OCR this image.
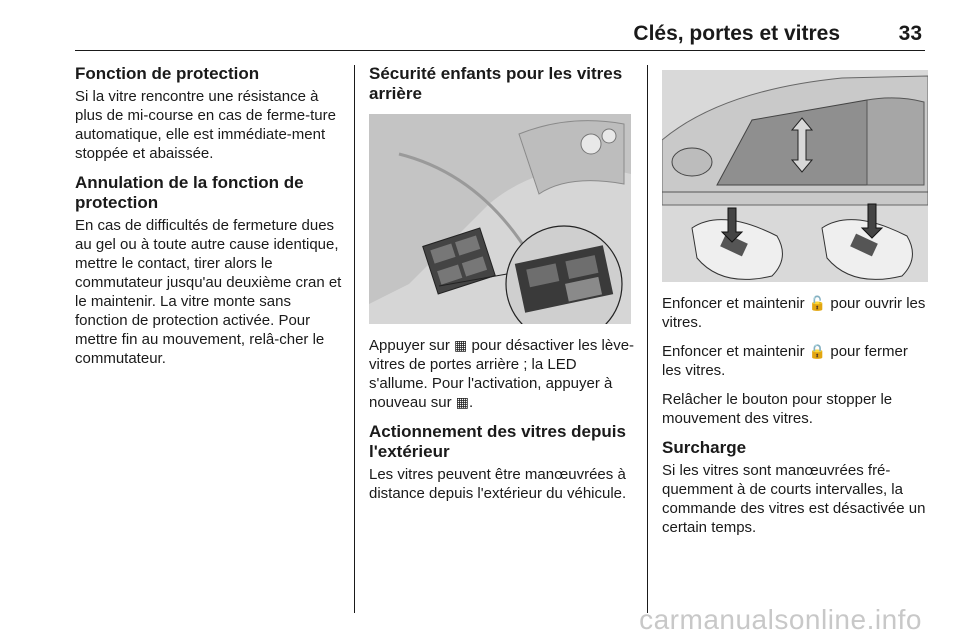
Clés, portes et vitres	33
Fonction de protection

Si la vitre rencontre une résistance à plus de mi-course en cas de ferme-ture automatique, elle est immédiate-ment stoppée et abaissée.

Annulation de la fonction de protection

En cas de difficultés de fermeture dues au gel ou à toute autre cause identique, mettre le contact, tirer alors le commutateur jusqu'au deuxième cran et le maintenir. La vitre monte sans fonction de protection activée. Pour mettre fin au mouvement, relâ-cher le commutateur.

Sécurité enfants pour les vitres arrière

Appuyer sur ▦ pour désactiver les lève-vitres de portes arrière ; la LED s'allume. Pour l'activation, appuyer à nouveau sur ▦.

Actionnement des vitres depuis l'extérieur

Les vitres peuvent être manœuvrées à distance depuis l'extérieur du véhicule.

Enfoncer et maintenir 🔓 pour ouvrir les vitres.

Enfoncer et maintenir 🔒 pour fermer les vitres.

Relâcher le bouton pour stopper le mouvement des vitres.

Surcharge

Si les vitres sont manœuvrées fré-quemment à de courts intervalles, la commande des vitres est désactivée un certain temps.

carmanualsonline.info
